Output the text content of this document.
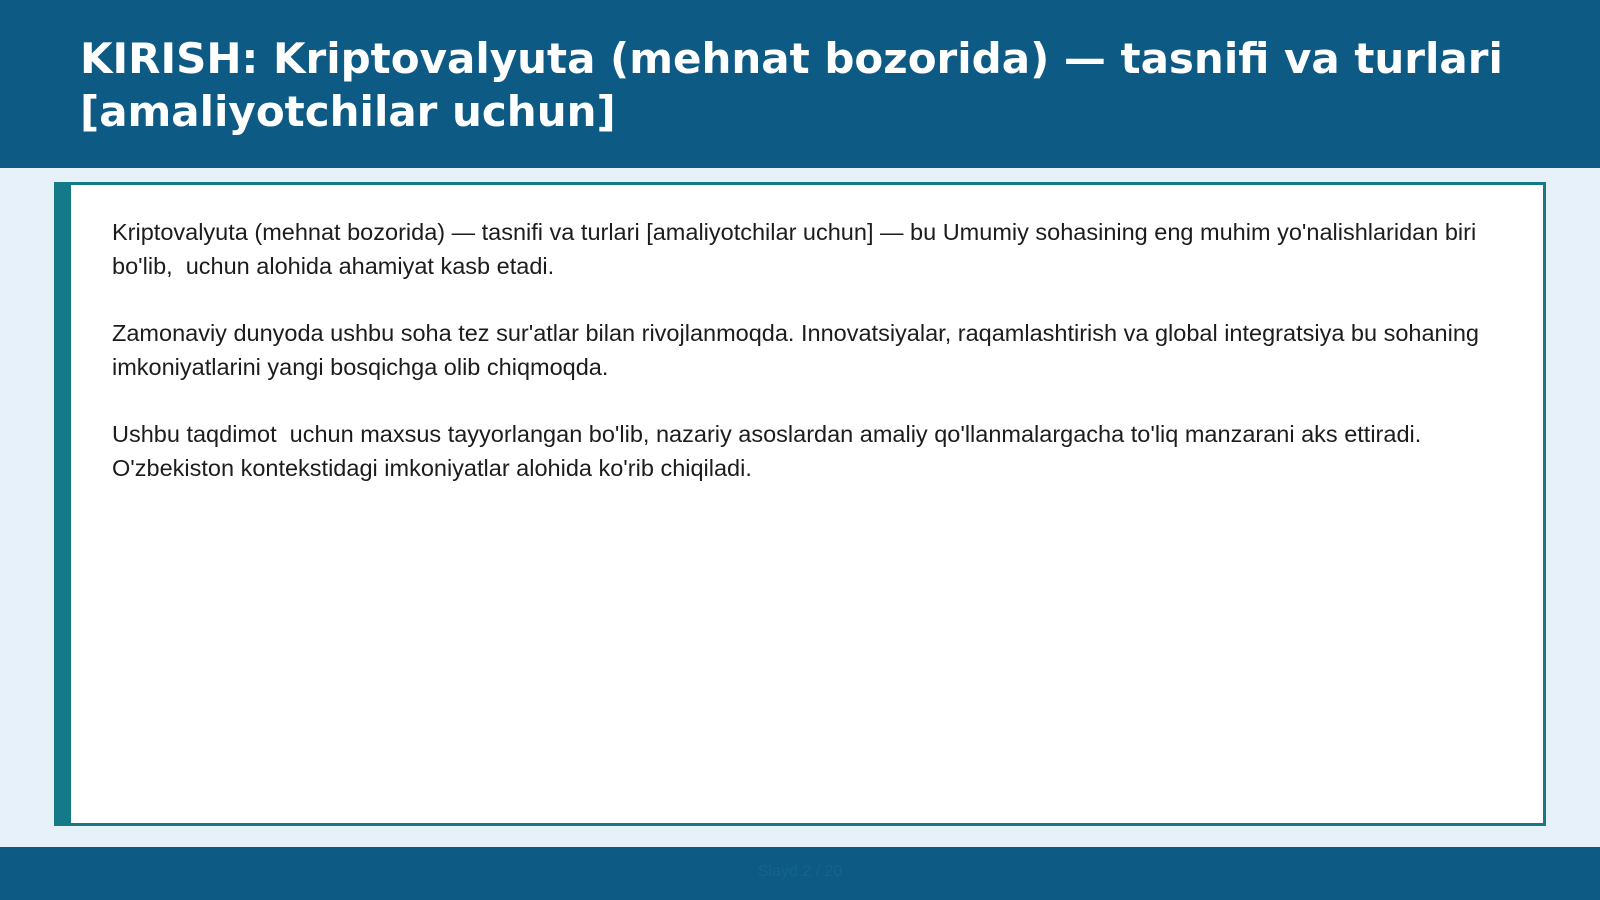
KIRISH: Kriptovalyuta (mehnat bozorida) — tasnifi va turlari [amaliyotchilar uchun]

Kriptovalyuta (mehnat bozorida) — tasnifi va turlari [amaliyotchilar uchun] — bu Umumiy sohasining eng muhim yo'nalishlaridan biri bo'lib,  uchun alohida ahamiyat kasb etadi.

Zamonaviy dunyoda ushbu soha tez sur'atlar bilan rivojlanmoqda. Innovatsiyalar, raqamlashtirish va global integratsiya bu sohaning imkoniyatlarini yangi bosqichga olib chiqmoqda.

Ushbu taqdimot  uchun maxsus tayyorlangan bo'lib, nazariy asoslardan amaliy qo'llanmalargacha to'liq manzarani aks ettiradi. O'zbekiston kontekstidagi imkoniyatlar alohida ko'rib chiqiladi.

Slayd 2 / 20
